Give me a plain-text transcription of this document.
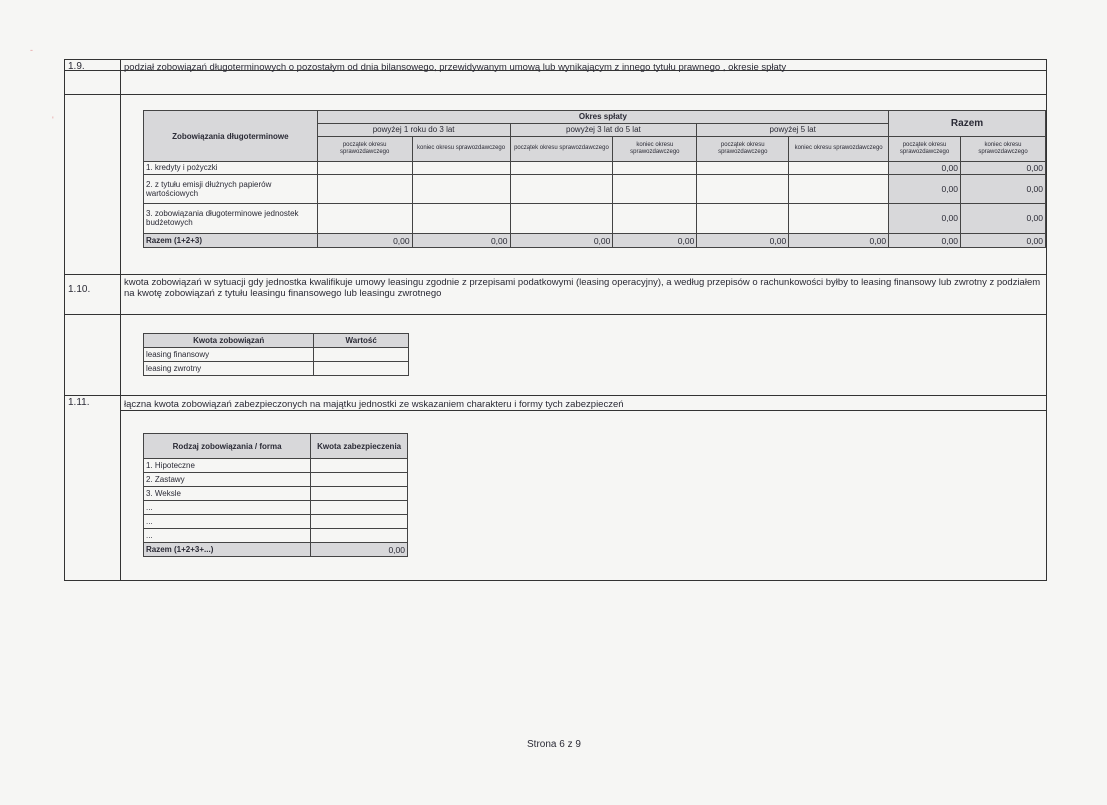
-
'
1.9.	podział zobowiązań długoterminowych o pozostałym od dnia bilansowego, przewidywanym umową lub wynikającym z innego tytułu prawnego , okresie spłaty
Zobowiązania długoterminowe	Okres spłaty						Razem	
	powyżej 1 roku do 3 lat		powyżej 3 lat do 5 lat		powyżej 5 lat			
	początek okresu sprawozdawczego	koniec okresu sprawozdawczego	początek okresu sprawozdawczego	koniec okresu sprawozdawczego	początek okresu sprawozdawczego	koniec okresu sprawozdawczego	początek okresu sprawozdawczego	koniec okresu sprawozdawczego
1. kredyty i pożyczki							0,00	0,00
2. z tytułu emisji dłużnych papierów wartościowych							0,00	0,00
3. zobowiązania długoterminowe jednostek budżetowych							0,00	0,00
Razem (1+2+3)	0,00	0,00	0,00	0,00	0,00	0,00	0,00	0,00
1.10.
kwota zobowiązań w sytuacji gdy jednostka kwalifikuje umowy leasingu zgodnie z przepisami podatkowymi (leasing operacyjny), a według przepisów o rachunkowości byłby to leasing finansowy lub zwrotny z podziałem na kwotę zobowiązań z tytułu leasingu finansowego lub leasingu zwrotnego
Kwota zobowiązań	Wartość
leasing finansowy	
leasing zwrotny	
1.11.	łączna kwota zobowiązań zabezpieczonych na majątku jednostki ze wskazaniem charakteru i formy tych zabezpieczeń
Rodzaj zobowiązania / forma	Kwota zabezpieczenia
1. Hipoteczne	
2. Zastawy	
3. Weksle	
...	
...	
...	
Razem (1+2+3+...)	0,00
Strona 6 z 9
